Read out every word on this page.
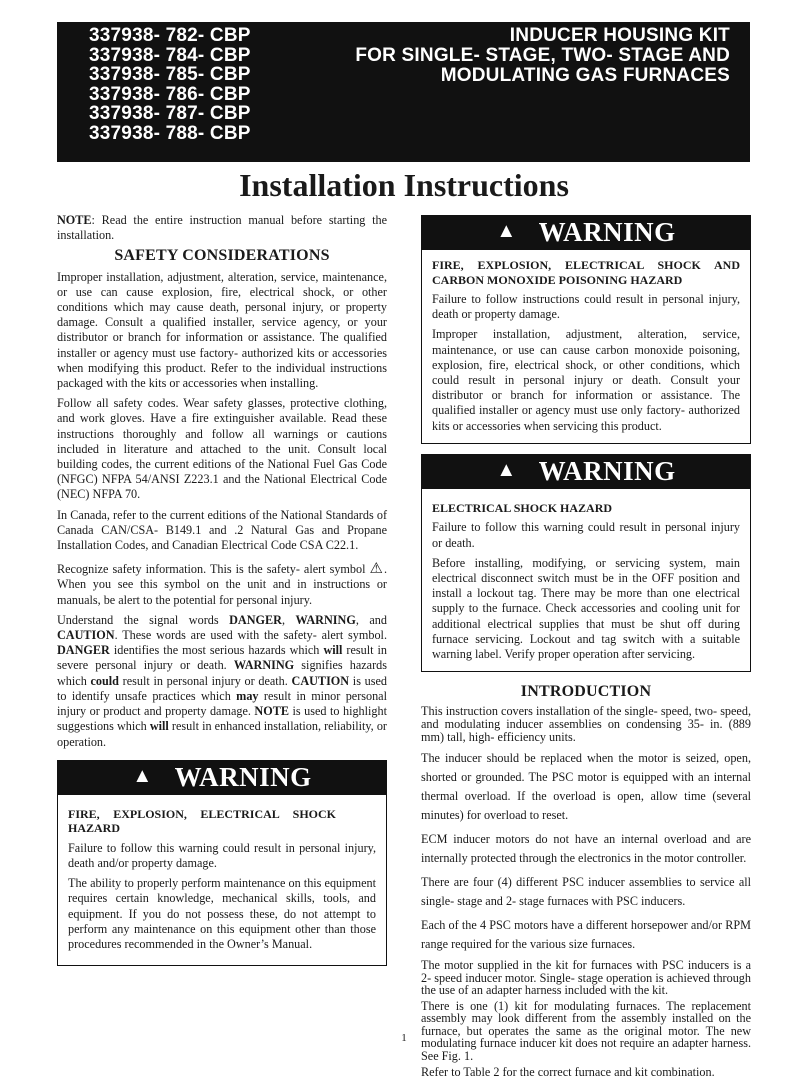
337938- 782- CBP
337938- 784- CBP
337938- 785- CBP
337938- 786- CBP
337938- 787- CBP
337938- 788- CBP
INDUCER HOUSING KIT
FOR SINGLE- STAGE, TWO- STAGE AND
MODULATING GAS FURNACES
Installation Instructions

NOTE: Read the entire instruction manual before starting the installation.

SAFETY CONSIDERATIONS

Improper installation, adjustment, alteration, service, maintenance, or use can cause explosion, fire, electrical shock, or other conditions which may cause death, personal injury, or property damage. Consult a qualified installer, service agency, or your distributor or branch for information or assistance. The qualified installer or agency must use factory- authorized kits or accessories when modifying this product. Refer to the individual instructions packaged with the kits or accessories when installing.

Follow all safety codes. Wear safety glasses, protective clothing, and work gloves. Have a fire extinguisher available. Read these instructions thoroughly and follow all warnings or cautions included in literature and attached to the unit. Consult local building codes, the current editions of the National Fuel Gas Code (NFGC) NFPA 54/ANSI Z223.1 and the National Electrical Code (NEC) NFPA 70.

In Canada, refer to the current editions of the National Standards of Canada CAN/CSA- B149.1 and .2 Natural Gas and Propane Installation Codes, and Canadian Electrical Code CSA C22.1.

Recognize safety information. This is the safety- alert symbol ⚠. When you see this symbol on the unit and in instructions or manuals, be alert to the potential for personal injury.

Understand the signal words DANGER, WARNING, and CAUTION. These words are used with the safety- alert symbol. DANGER identifies the most serious hazards which will result in severe personal injury or death. WARNING signifies hazards which could result in personal injury or death. CAUTION is used to identify unsafe practices which may result in minor personal injury or product and property damage. NOTE is used to highlight suggestions which will result in enhanced installation, reliability, or operation.

▲ WARNING

FIRE, EXPLOSION, ELECTRICAL SHOCK HAZARD

Failure to follow this warning could result in personal injury, death and/or property damage.

The ability to properly perform maintenance on this equipment requires certain knowledge, mechanical skills, tools, and equipment. If you do not possess these, do not attempt to perform any maintenance on this equipment other than those procedures recommended in the Owner’s Manual.

▲ WARNING

FIRE, EXPLOSION, ELECTRICAL SHOCK AND CARBON MONOXIDE POISONING HAZARD

Failure to follow instructions could result in personal injury, death or property damage.

Improper installation, adjustment, alteration, service, maintenance, or use can cause carbon monoxide poisoning, explosion, fire, electrical shock, or other conditions, which could result in personal injury or death. Consult your distributor or branch for information or assistance. The qualified installer or agency must use only factory- authorized kits or accessories when servicing this product.

▲ WARNING

ELECTRICAL SHOCK HAZARD

Failure to follow this warning could result in personal injury or death.

Before installing, modifying, or servicing system, main electrical disconnect switch must be in the OFF position and install a lockout tag. There may be more than one electrical supply to the furnace. Check accessories and cooling unit for additional electrical supplies that must be shut off during furnace servicing. Lockout and tag switch with a suitable warning label. Verify proper operation after servicing.

INTRODUCTION

This instruction covers installation of the single- speed, two- speed, and modulating inducer assemblies on condensing 35- in. (889 mm) tall, high- efficiency units.

The inducer should be replaced when the motor is seized, open, shorted or grounded. The PSC motor is equipped with an internal thermal overload. If the overload is open, allow time (several minutes) for overload to reset.

ECM inducer motors do not have an internal overload and are internally protected through the electronics in the motor controller.

There are four (4) different PSC inducer assemblies to service all single- stage and 2- stage furnaces with PSC inducers.

Each of the 4 PSC motors have a different horsepower and/or RPM range required for the various size furnaces.

The motor supplied in the kit for furnaces with PSC inducers is a 2- speed inducer motor. Single- stage operation is achieved through the use of an adapter harness included with the kit.

There is one (1) kit for modulating furnaces. The replacement assembly may look different from the assembly installed on the furnace, but operates the same as the original motor. The new modulating furnace inducer kit does not require an adapter harness. See Fig. 1.

Refer to Table 2 for the correct furnace and kit combination.

1
